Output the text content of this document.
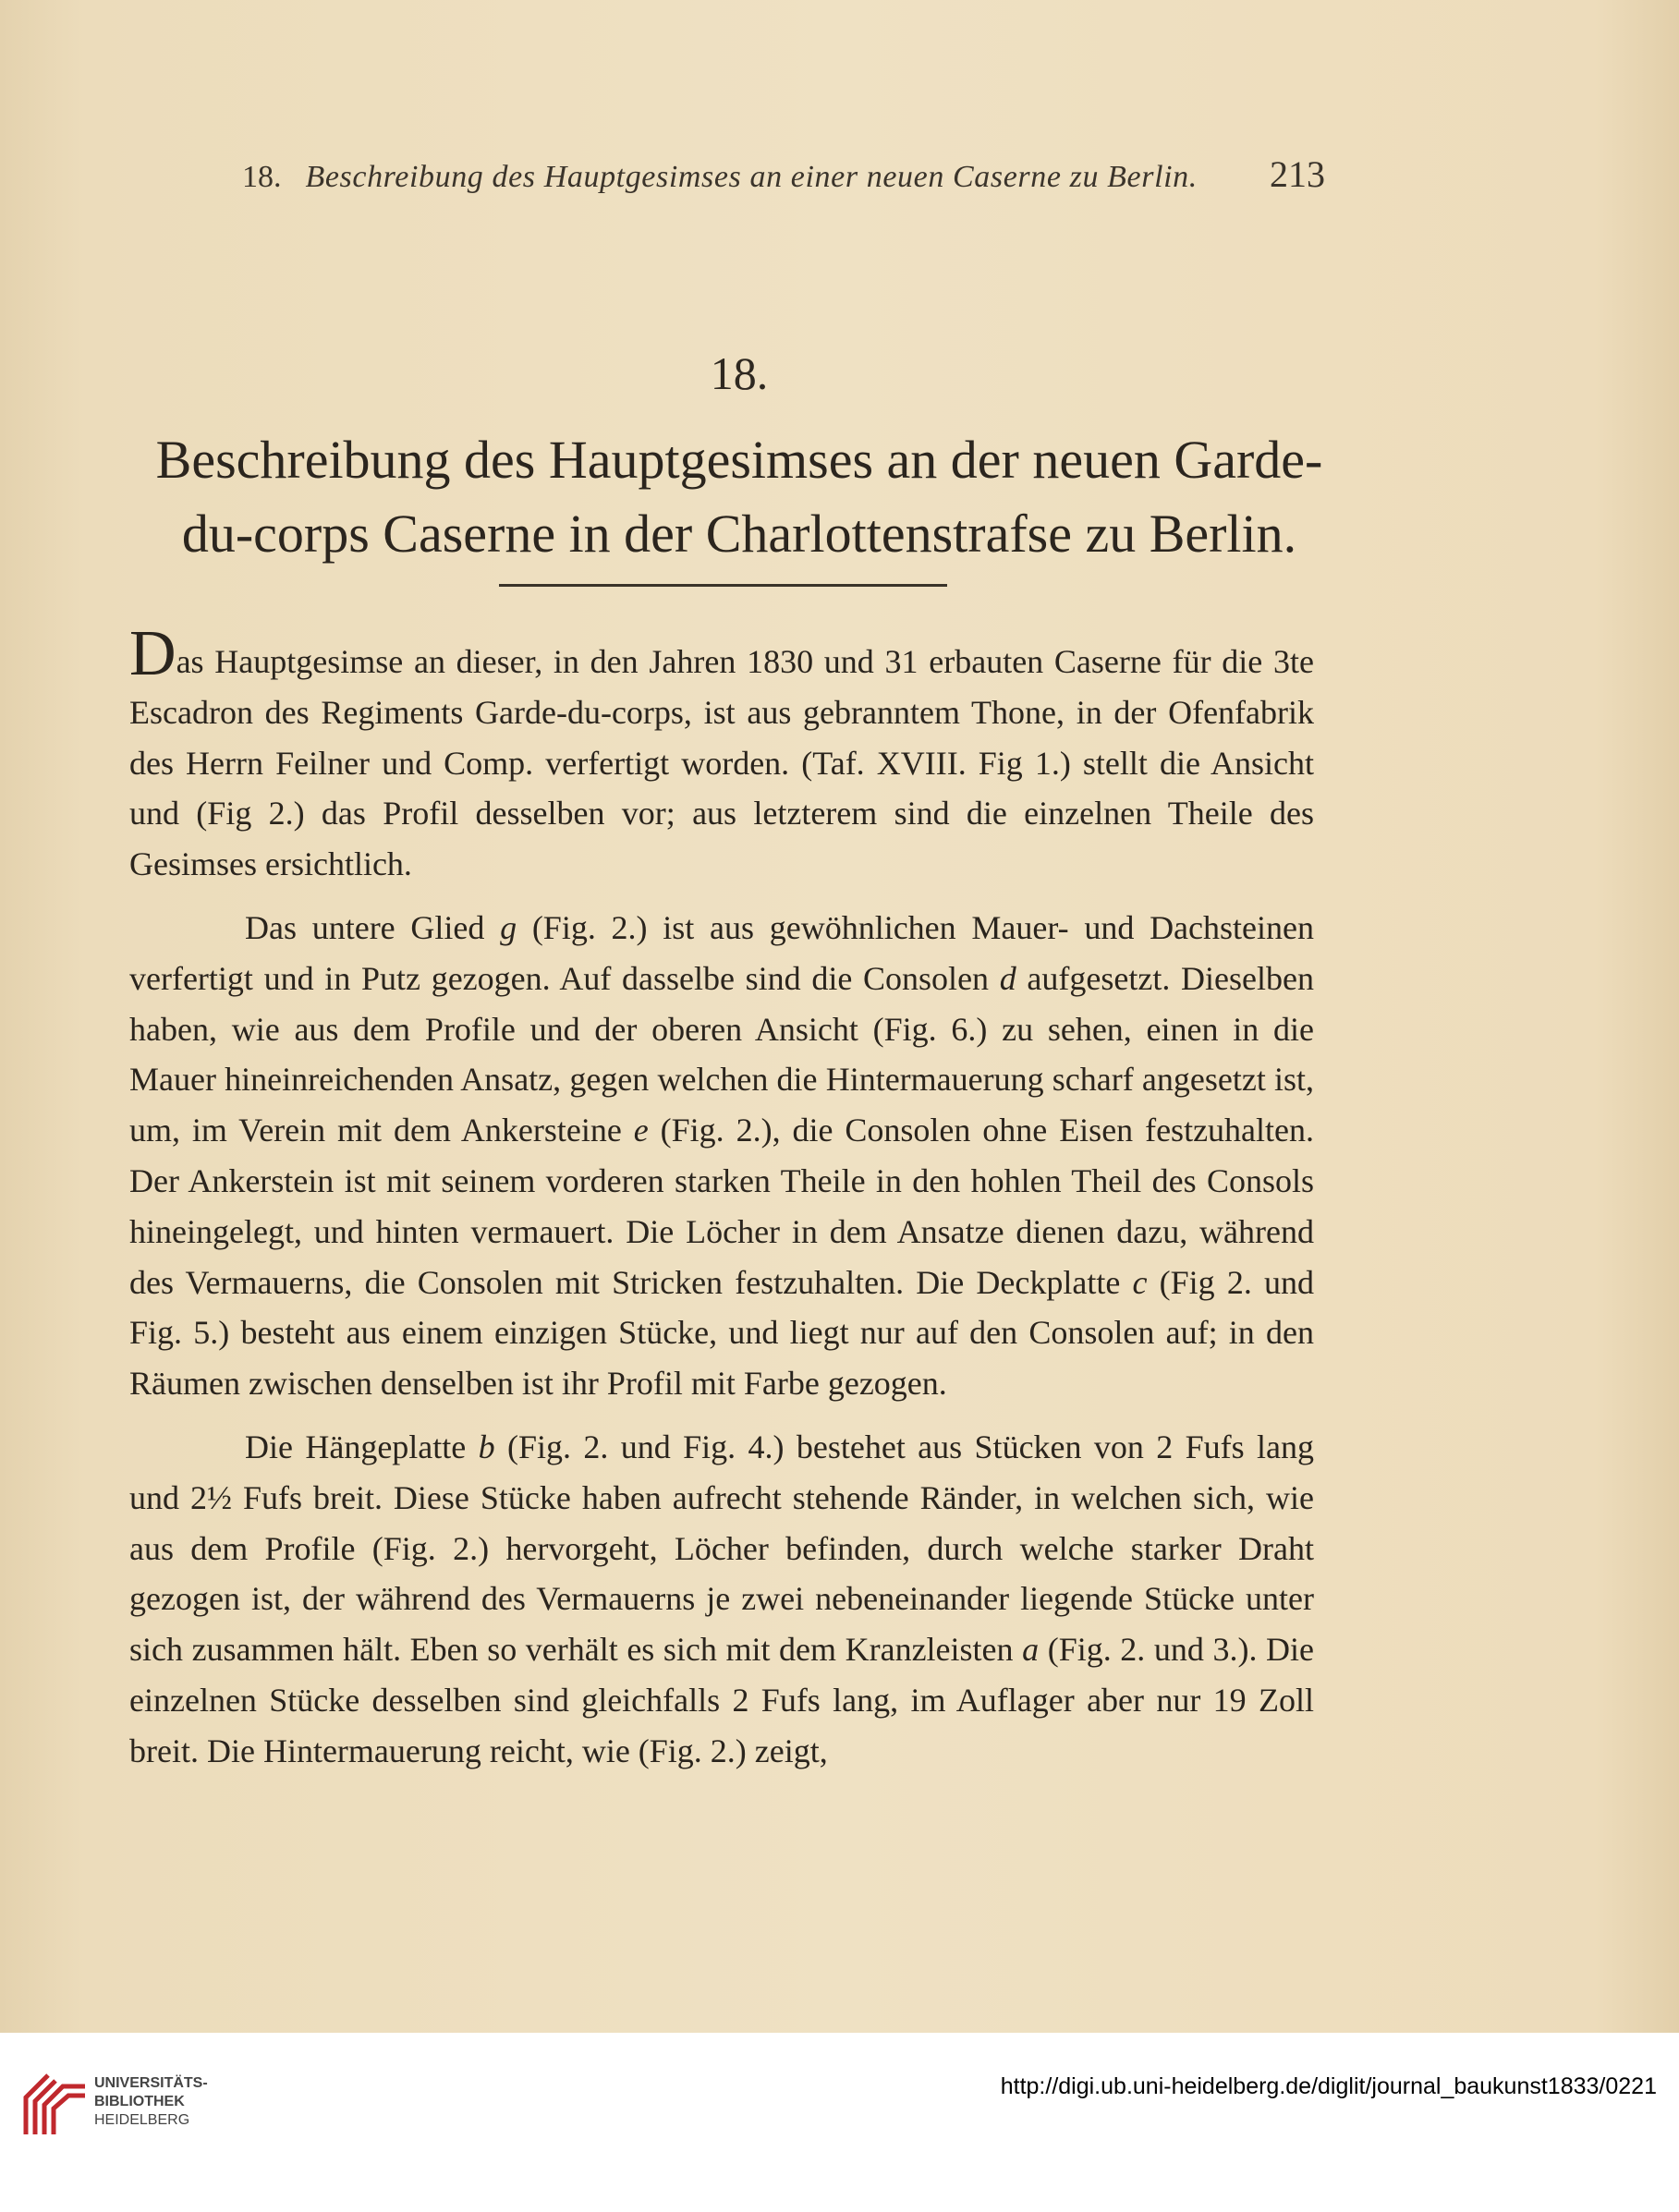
18. Beschreibung des Hauptgesimses an einer neuen Caserne zu Berlin.	213
18.
Beschreibung des Hauptgesimses an der neuen Garde-
du-corps Caserne in der Charlottenstrafse zu Berlin.

Das Hauptgesimse an dieser, in den Jahren 1830 und 31 erbauten Caserne für die 3te Escadron des Regiments Garde-du-corps, ist aus gebranntem Thone, in der Ofenfabrik des Herrn Feilner und Comp. verfertigt worden. (Taf. XVIII. Fig 1.) stellt die Ansicht und (Fig 2.) das Profil desselben vor; aus letzterem sind die einzelnen Theile des Gesimses ersichtlich.

Das untere Glied g (Fig. 2.) ist aus gewöhnlichen Mauer- und Dachsteinen verfertigt und in Putz gezogen. Auf dasselbe sind die Consolen d aufgesetzt. Dieselben haben, wie aus dem Profile und der oberen Ansicht (Fig. 6.) zu sehen, einen in die Mauer hineinreichenden Ansatz, gegen welchen die Hintermauerung scharf angesetzt ist, um, im Verein mit dem Ankersteine e (Fig. 2.), die Consolen ohne Eisen festzuhalten. Der Ankerstein ist mit seinem vorderen starken Theile in den hohlen Theil des Consols hineingelegt, und hinten vermauert. Die Löcher in dem Ansatze dienen dazu, während des Vermauerns, die Consolen mit Stricken festzuhalten. Die Deckplatte c (Fig 2. und Fig. 5.) besteht aus einem einzigen Stücke, und liegt nur auf den Consolen auf; in den Räumen zwischen denselben ist ihr Profil mit Farbe gezogen.

Die Hängeplatte b (Fig. 2. und Fig. 4.) bestehet aus Stücken von 2 Fufs lang und 2½ Fufs breit. Diese Stücke haben aufrecht stehende Ränder, in welchen sich, wie aus dem Profile (Fig. 2.) hervorgeht, Löcher befinden, durch welche starker Draht gezogen ist, der während des Vermauerns je zwei nebeneinander liegende Stücke unter sich zusammen hält. Eben so verhält es sich mit dem Kranzleisten a (Fig. 2. und 3.). Die einzelnen Stücke desselben sind gleichfalls 2 Fufs lang, im Auflager aber nur 19 Zoll breit. Die Hintermauerung reicht, wie (Fig. 2.) zeigt,

UNIVERSITÄTS-
BIBLIOTHEK
HEIDELBERG
http://digi.ub.uni-heidelberg.de/diglit/journal_baukunst1833/0221
